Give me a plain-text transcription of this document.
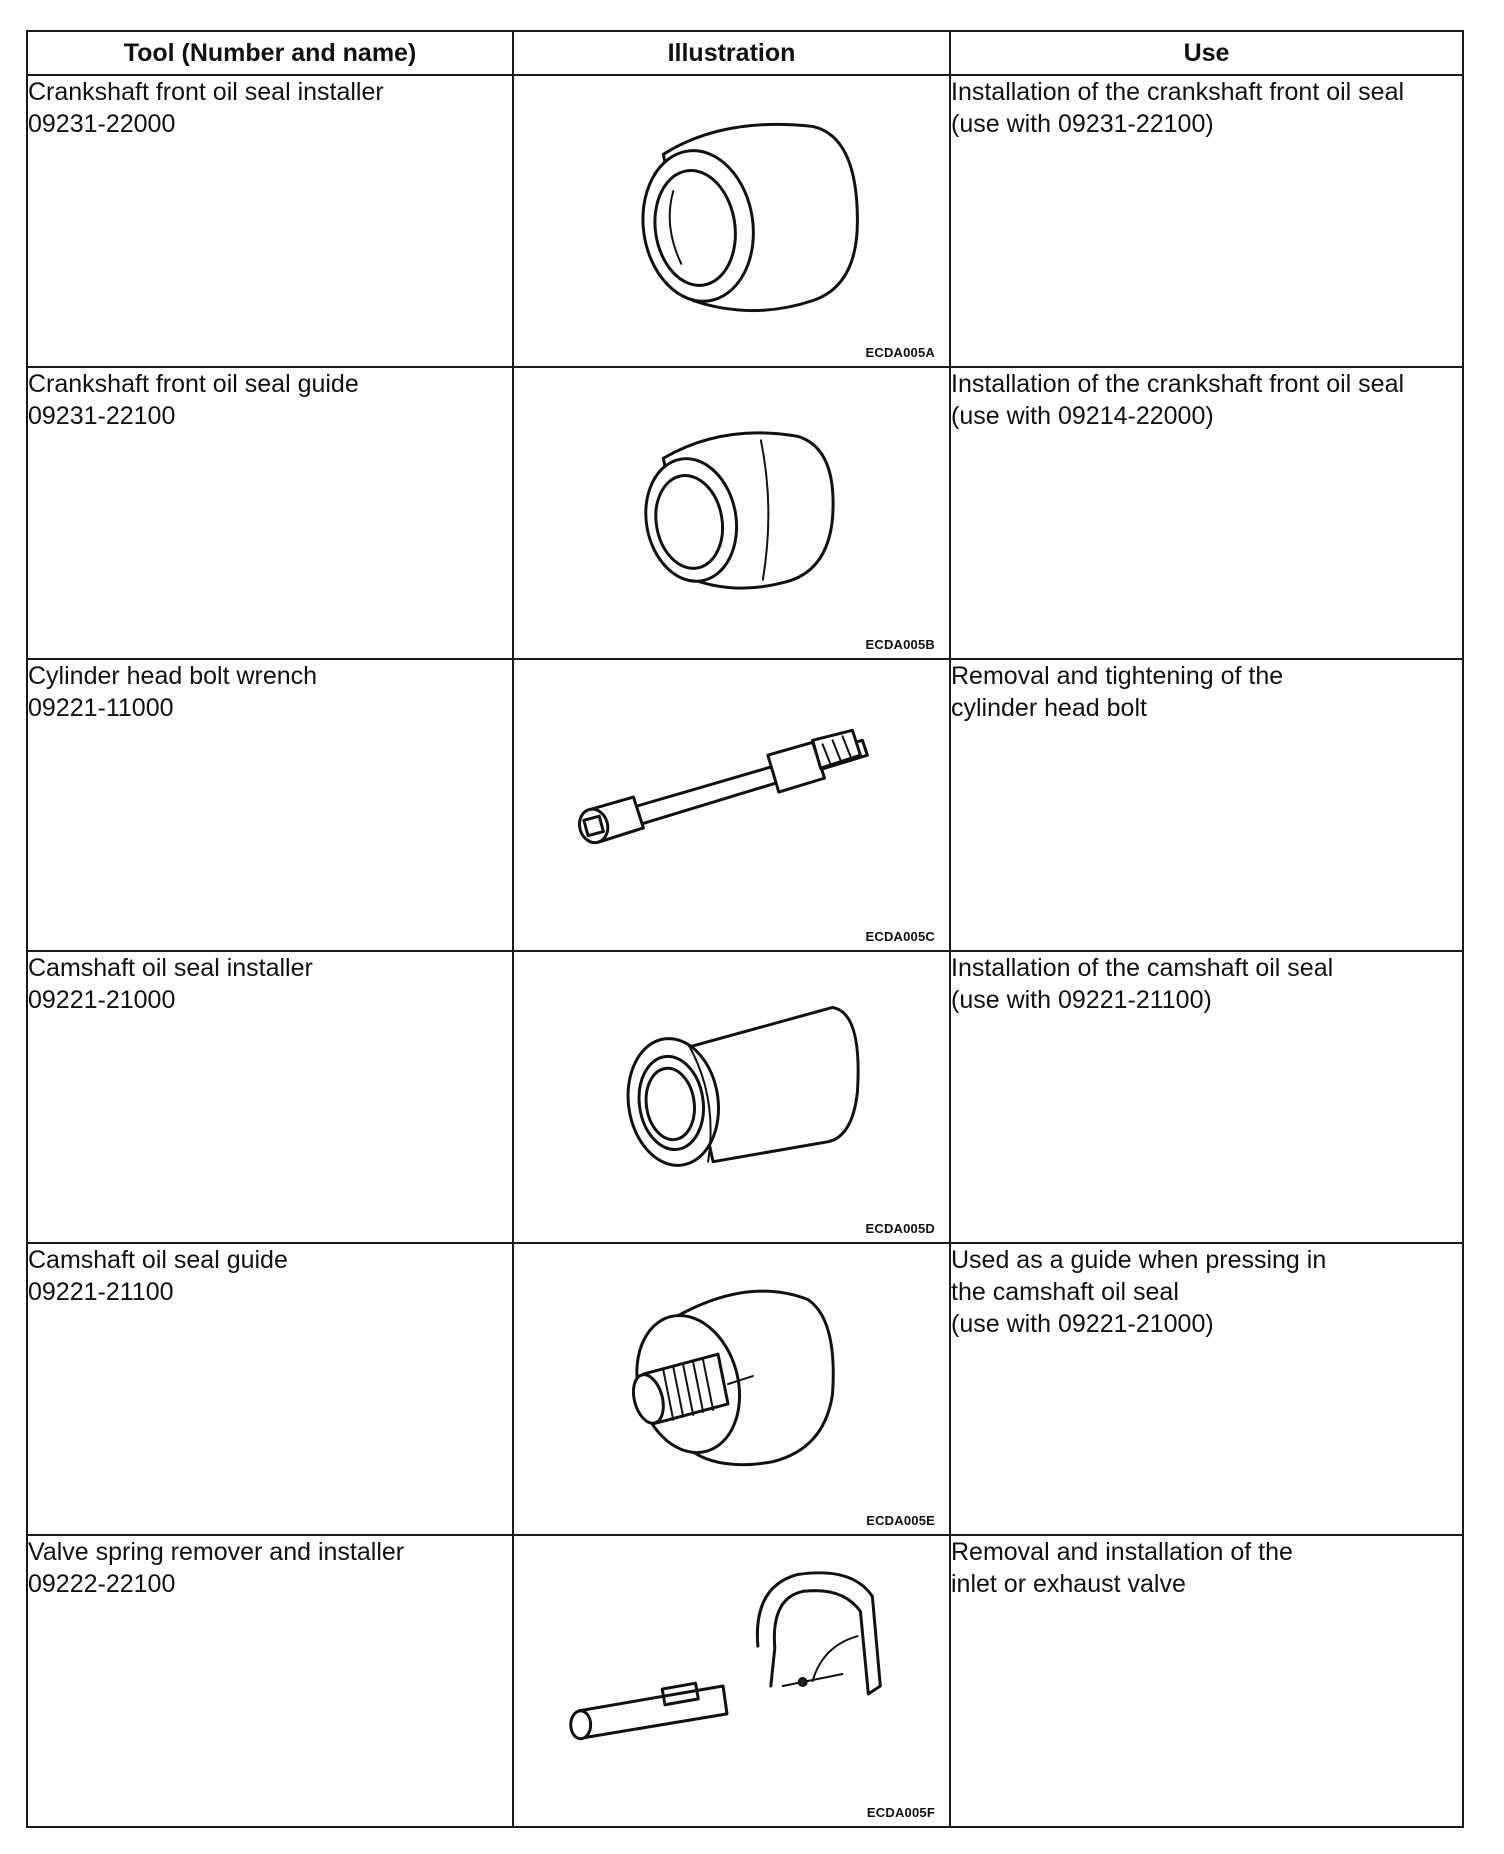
Tool (Number and name)	Illustration	Use

Crankshaft front oil seal installer
09231-22000	ECDA005A	Installation of the crankshaft front oil seal
(use with 09231-22100)

Crankshaft front oil seal guide
09231-22100	ECDA005B	Installation of the crankshaft front oil seal
(use with 09214-22000)

Cylinder head bolt wrench
09221-11000	ECDA005C	Removal and tightening of the
cylinder head bolt

Camshaft oil seal installer
09221-21000	ECDA005D	Installation of the camshaft oil seal
(use with 09221-21100)

Camshaft oil seal guide
09221-21100	ECDA005E	Used as a guide when pressing in
the camshaft oil seal
(use with 09221-21000)

Valve spring remover and installer
09222-22100	ECDA005F	Removal and installation of the
inlet or exhaust valve
